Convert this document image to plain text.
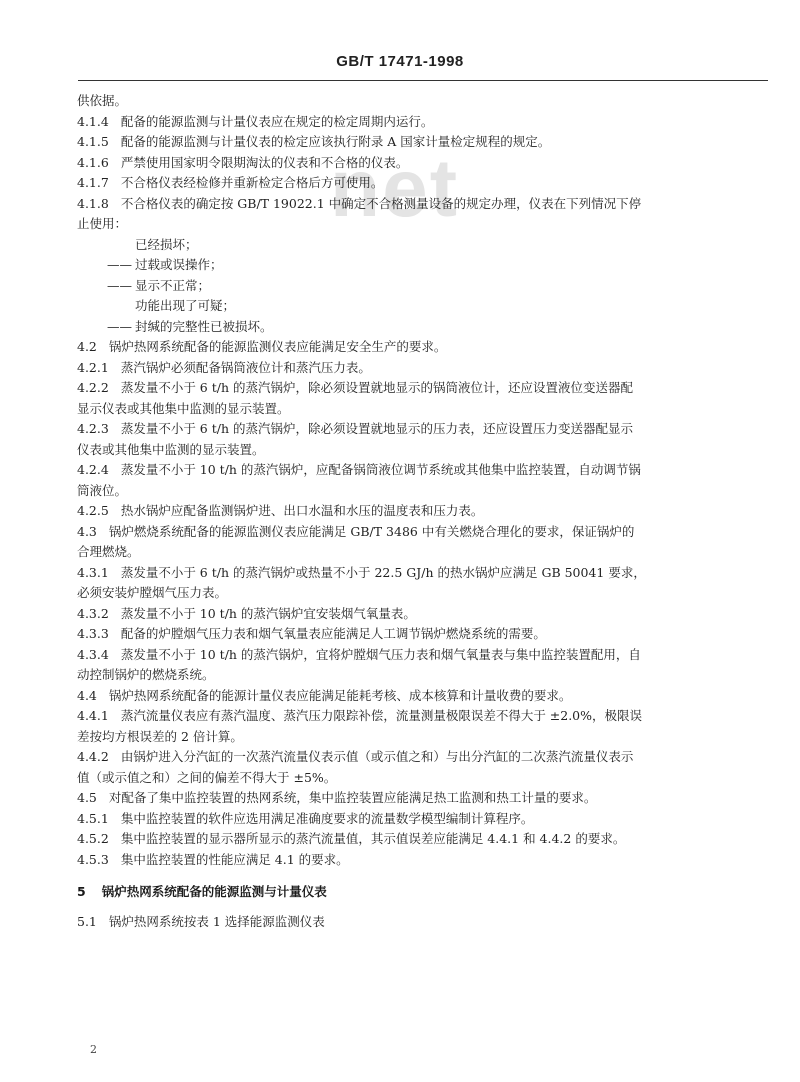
GB/T 17471-1998
net
供依据。
4.1.4 配备的能源监测与计量仪表应在规定的检定周期内运行。
4.1.5 配备的能源监测与计量仪表的检定应该执行附录 A 国家计量检定规程的规定。
4.1.6 严禁使用国家明令限期淘汰的仪表和不合格的仪表。
4.1.7 不合格仪表经检修并重新检定合格后方可使用。
4.1.8 不合格仪表的确定按 GB/T 19022.1 中确定不合格测量设备的规定办理，仪表在下列情况下停
止使用：
已经损坏；
—— 过载或误操作；
—— 显示不正常；
功能出现了可疑；
—— 封缄的完整性已被损坏。
4.2 锅炉热网系统配备的能源监测仪表应能满足安全生产的要求。
4.2.1 蒸汽锅炉必须配备锅筒液位计和蒸汽压力表。
4.2.2 蒸发量不小于 6 t/h 的蒸汽锅炉，除必须设置就地显示的锅筒液位计，还应设置液位变送器配
显示仪表或其他集中监测的显示装置。
4.2.3 蒸发量不小于 6 t/h 的蒸汽锅炉，除必须设置就地显示的压力表，还应设置压力变送器配显示
仪表或其他集中监测的显示装置。
4.2.4 蒸发量不小于 10 t/h 的蒸汽锅炉，应配备锅筒液位调节系统或其他集中监控装置，自动调节锅
筒液位。
4.2.5 热水锅炉应配备监测锅炉进、出口水温和水压的温度表和压力表。
4.3 锅炉燃烧系统配备的能源监测仪表应能满足 GB/T 3486 中有关燃烧合理化的要求，保证锅炉的
合理燃烧。
4.3.1 蒸发量不小于 6 t/h 的蒸汽锅炉或热量不小于 22.5 GJ/h 的热水锅炉应满足 GB 50041 要求，
必须安装炉膛烟气压力表。
4.3.2 蒸发量不小于 10 t/h 的蒸汽锅炉宜安装烟气氧量表。
4.3.3 配备的炉膛烟气压力表和烟气氧量表应能满足人工调节锅炉燃烧系统的需要。
4.3.4 蒸发量不小于 10 t/h 的蒸汽锅炉，宜将炉膛烟气压力表和烟气氧量表与集中监控装置配用，自
动控制锅炉的燃烧系统。
4.4 锅炉热网系统配备的能源计量仪表应能满足能耗考核、成本核算和计量收费的要求。
4.4.1 蒸汽流量仪表应有蒸汽温度、蒸汽压力限踪补偿，流量测量极限误差不得大于 ±2.0%，极限误
差按均方根误差的 2 倍计算。
4.4.2 由锅炉进入分汽缸的一次蒸汽流量仪表示值（或示值之和）与出分汽缸的二次蒸汽流量仪表示
值（或示值之和）之间的偏差不得大于 ±5%。
4.5 对配备了集中监控装置的热网系统，集中监控装置应能满足热工监测和热工计量的要求。
4.5.1 集中监控装置的软件应选用满足准确度要求的流量数学模型编制计算程序。
4.5.2 集中监控装置的显示器所显示的蒸汽流量值，其示值误差应能满足 4.4.1 和 4.4.2 的要求。
4.5.3 集中监控装置的性能应满足 4.1 的要求。
5 锅炉热网系统配备的能源监测与计量仪表
5.1 锅炉热网系统按表 1 选择能源监测仪表
2
